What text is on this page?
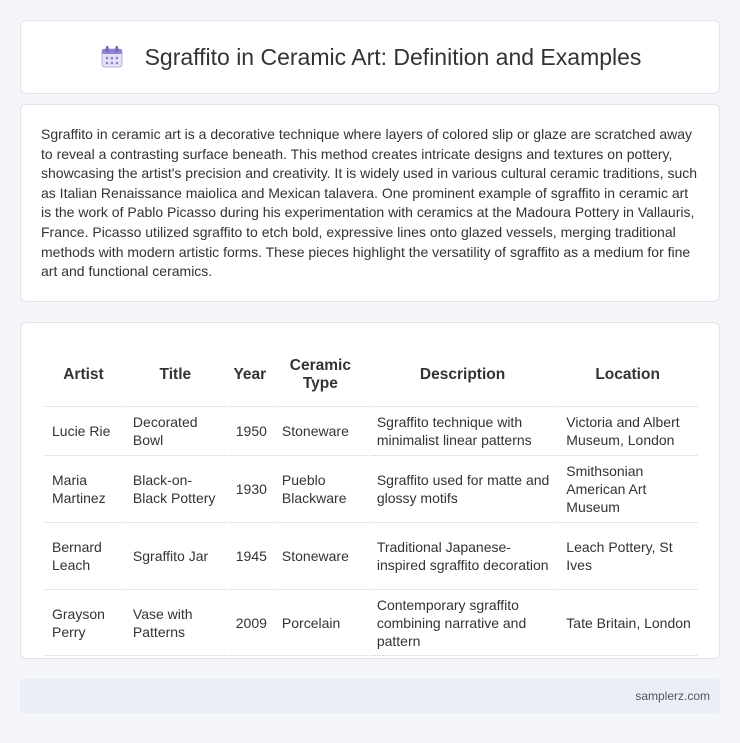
Sgraffito in Ceramic Art: Definition and Examples

Sgraffito in ceramic art is a decorative technique where layers of colored slip or glaze are scratched away to reveal a contrasting surface beneath. This method creates intricate designs and textures on pottery, showcasing the artist's precision and creativity. It is widely used in various cultural ceramic traditions, such as Italian Renaissance maiolica and Mexican talavera. One prominent example of sgraffito in ceramic art is the work of Pablo Picasso during his experimentation with ceramics at the Madoura Pottery in Vallauris, France. Picasso utilized sgraffito to etch bold, expressive lines onto glazed vessels, merging traditional methods with modern artistic forms. These pieces highlight the versatility of sgraffito as a medium for fine art and functional ceramics.

Artist	Title	Year	Ceramic Type	Description	Location
Lucie Rie	Decorated Bowl	1950	Stoneware	Sgraffito technique with minimalist linear patterns	Victoria and Albert Museum, London
Maria Martinez	Black-on-Black Pottery	1930	Pueblo Blackware	Sgraffito used for matte and glossy motifs	Smithsonian American Art Museum
Bernard Leach	Sgraffito Jar	1945	Stoneware	Traditional Japanese-inspired sgraffito decoration	Leach Pottery, St Ives
Grayson Perry	Vase with Patterns	2009	Porcelain	Contemporary sgraffito combining narrative and pattern	Tate Britain, London
samplerz.com
